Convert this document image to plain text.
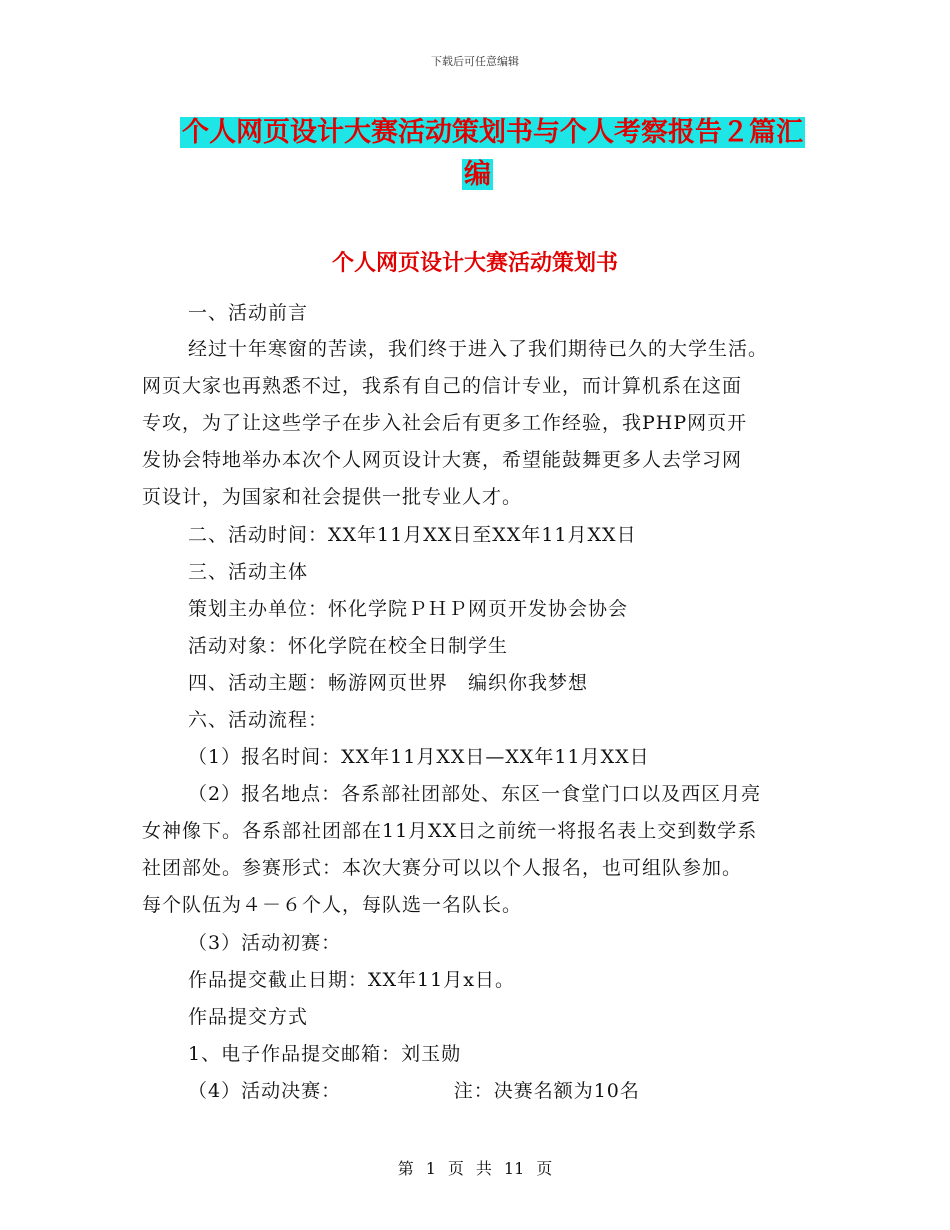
下载后可任意编辑
个人网页设计大赛活动策划书与个人考察报告２篇汇
编
个人网页设计大赛活动策划书
一、活动前言
经过十年寒窗的苦读，我们终于进入了我们期待已久的大学生活。
网页大家也再熟悉不过，我系有自己的信计专业，而计算机系在这面
专攻，为了让这些学子在步入社会后有更多工作经验，我PHP网页开
发协会特地举办本次个人网页设计大赛，希望能鼓舞更多人去学习网
页设计，为国家和社会提供一批专业人才。
二、活动时间：XX年11月XX日至XX年11月XX日
三、活动主体
策划主办单位：怀化学院ＰＨＰ网页开发协会协会
活动对象：怀化学院在校全日制学生
四、活动主题：畅游网页世界　编织你我梦想
六、活动流程：
（1）报名时间：XX年11月XX日—XX年11月XX日
（2）报名地点：各系部社团部处、东区一食堂门口以及西区月亮
女神像下。各系部社团部在11月XX日之前统一将报名表上交到数学系
社团部处。参赛形式：本次大赛分可以以个人报名，也可组队参加。
每个队伍为４－６个人，每队选一名队长。
（3）活动初赛：
作品提交截止日期：XX年11月x日。
作品提交方式
1、电子作品提交邮箱：刘玉勋
（4）活动决赛：                注：决赛名额为10名
第 1 页 共 11 页
